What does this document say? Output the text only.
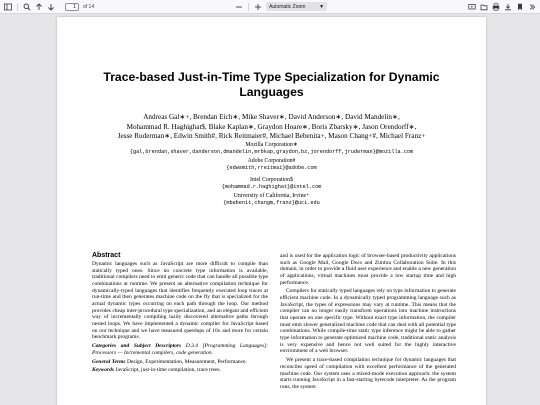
1	of 14	Automatic Zoom	▼
Trace-based Just-in-Time Type Specialization for Dynamic
Languages
Andreas Gal∗+, Brendan Eich∗, Mike Shaver∗, David Anderson∗, David Mandelin∗,
Mohammad R. Haghighat$, Blake Kaplan∗, Graydon Hoare∗, Boris Zbarsky∗, Jason Orendorff∗,
Jesse Ruderman∗, Edwin Smith#, Rick Reitmaier#, Michael Bebenita+, Mason Chang+#, Michael Franz+
Mozilla Corporation∗
{gal,brendan,shaver,danderson,dmandelin,mrbkap,graydon,bz,jorendorff,jruderman}@mozilla.com
Adobe Corporation#
{edwsmith,rreitmai}@adobe.com
Intel Corporation$
{mohammad.r.haghighat}@intel.com
University of California, Irvine+
{mbebenit,changm,franz}@uci.edu
Abstract
Dynamic languages such as JavaScript are more difficult to compile than statically typed ones. Since no concrete type information is available, traditional compilers need to emit generic code that can handle all possible type combinations at runtime. We present an alternative compilation technique for dynamically-typed languages that identifies frequently executed loop traces at run-time and then generates machine code on the fly that is specialized for the actual dynamic types occurring on each path through the loop. Our method provides cheap inter-procedural type specialization, and an elegant and efficient way of incrementally compiling lazily discovered alternative paths through nested loops. We have implemented a dynamic compiler for JavaScript based on our technique and we have measured speedups of 10x and more for certain benchmark programs.
Categories and Subject Descriptors D.3.4 [Programming Languages]: Processors — Incremental compilers, code generation.
General Terms Design, Experimentation, Measurement, Performance.
Keywords JavaScript, just-in-time compilation, trace trees.
and is used for the application logic of browser-based productivity applications such as Google Mail, Google Docs and Zimbra Collaboration Suite. In this domain, in order to provide a fluid user experience and enable a new generation of applications, virtual machines must provide a low startup time and high performance.
Compilers for statically typed languages rely on type information to generate efficient machine code. In a dynamically typed programming language such as JavaScript, the types of expressions may vary at runtime. This means that the compiler can no longer easily transform operations into machine instructions that operate on one specific type. Without exact type information, the compiler must emit slower generalized machine code that can deal with all potential type combinations. While compile-time static type inference might be able to gather type information to generate optimized machine code, traditional static analysis is very expensive and hence not well suited for the highly interactive environment of a web browser.
We present a trace-based compilation technique for dynamic languages that reconciles speed of compilation with excellent performance of the generated machine code. Our system uses a mixed-mode execution approach: the system starts running JavaScript in a fast-starting bytecode interpreter. As the program runs, the system
